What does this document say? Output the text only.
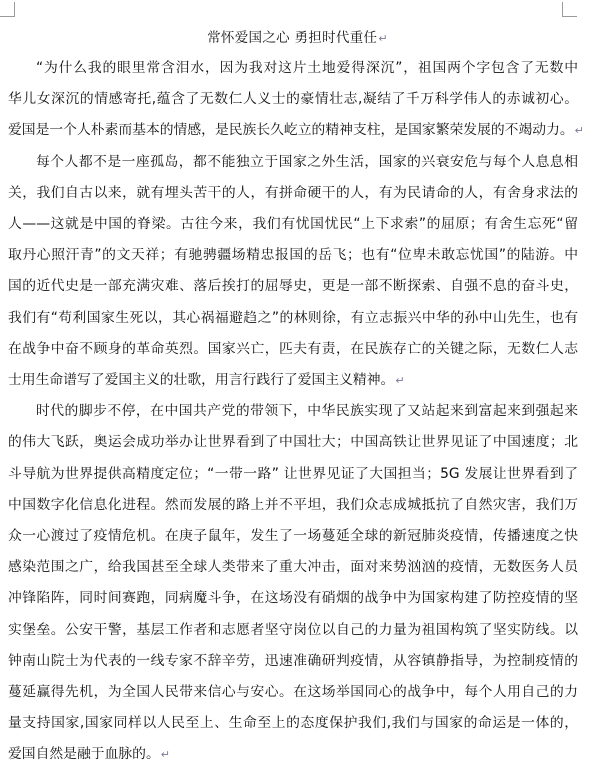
常怀爱国之心 勇担时代重任↵
“为什么我的眼里常含泪水，因为我对这片土地爱得深沉”，祖国两个字包含了无数中
华儿女深沉的情感寄托,蕴含了无数仁人义士的豪情壮志,凝结了千万科学伟人的赤诚初心。
爱国是一个人朴素而基本的情感，是民族长久屹立的精神支柱，是国家繁荣发展的不竭动力。↵
每个人都不是一座孤岛，都不能独立于国家之外生活，国家的兴衰安危与每个人息息相
关，我们自古以来，就有埋头苦干的人，有拼命硬干的人，有为民请命的人，有舍身求法的
人——这就是中国的脊梁。古往今来，我们有忧国忧民“上下求索”的屈原；有舍生忘死“留
取丹心照汗青”的文天祥；有驰骋疆场精忠报国的岳飞；也有“位卑未敢忘忧国”的陆游。中
国的近代史是一部充满灾难、落后挨打的屈辱史，更是一部不断探索、自强不息的奋斗史，
我们有“苟利国家生死以，其心祸福避趋之”的林则徐，有立志振兴中华的孙中山先生，也有
在战争中奋不顾身的革命英烈。国家兴亡，匹夫有责，在民族存亡的关键之际，无数仁人志
士用生命谱写了爱国主义的壮歌，用言行践行了爱国主义精神。↵
时代的脚步不停，在中国共产党的带领下，中华民族实现了又站起来到富起来到强起来
的伟大飞跃，奥运会成功举办让世界看到了中国壮大；中国高铁让世界见证了中国速度；北
斗导航为世界提供高精度定位；“一带一路” 让世界见证了大国担当；5G 发展让世界看到了
中国数字化信息化进程。然而发展的路上并不平坦，我们众志成城抵抗了自然灾害，我们万
众一心渡过了疫情危机。在庚子鼠年，发生了一场蔓延全球的新冠肺炎疫情，传播速度之快
感染范围之广，给我国甚至全球人类带来了重大冲击，面对来势汹汹的疫情，无数医务人员
冲锋陷阵，同时间赛跑，同病魔斗争，在这场没有硝烟的战争中为国家构建了防控疫情的坚
实堡垒。公安干警，基层工作者和志愿者坚守岗位以自己的力量为祖国构筑了坚实防线。以
钟南山院士为代表的一线专家不辞辛劳，迅速准确研判疫情，从容镇静指导，为控制疫情的
蔓延赢得先机，为全国人民带来信心与安心。在这场举国同心的战争中，每个人用自己的力
量支持国家,国家同样以人民至上、生命至上的态度保护我们,我们与国家的命运是一体的，
爱国自然是融于血脉的。↵
